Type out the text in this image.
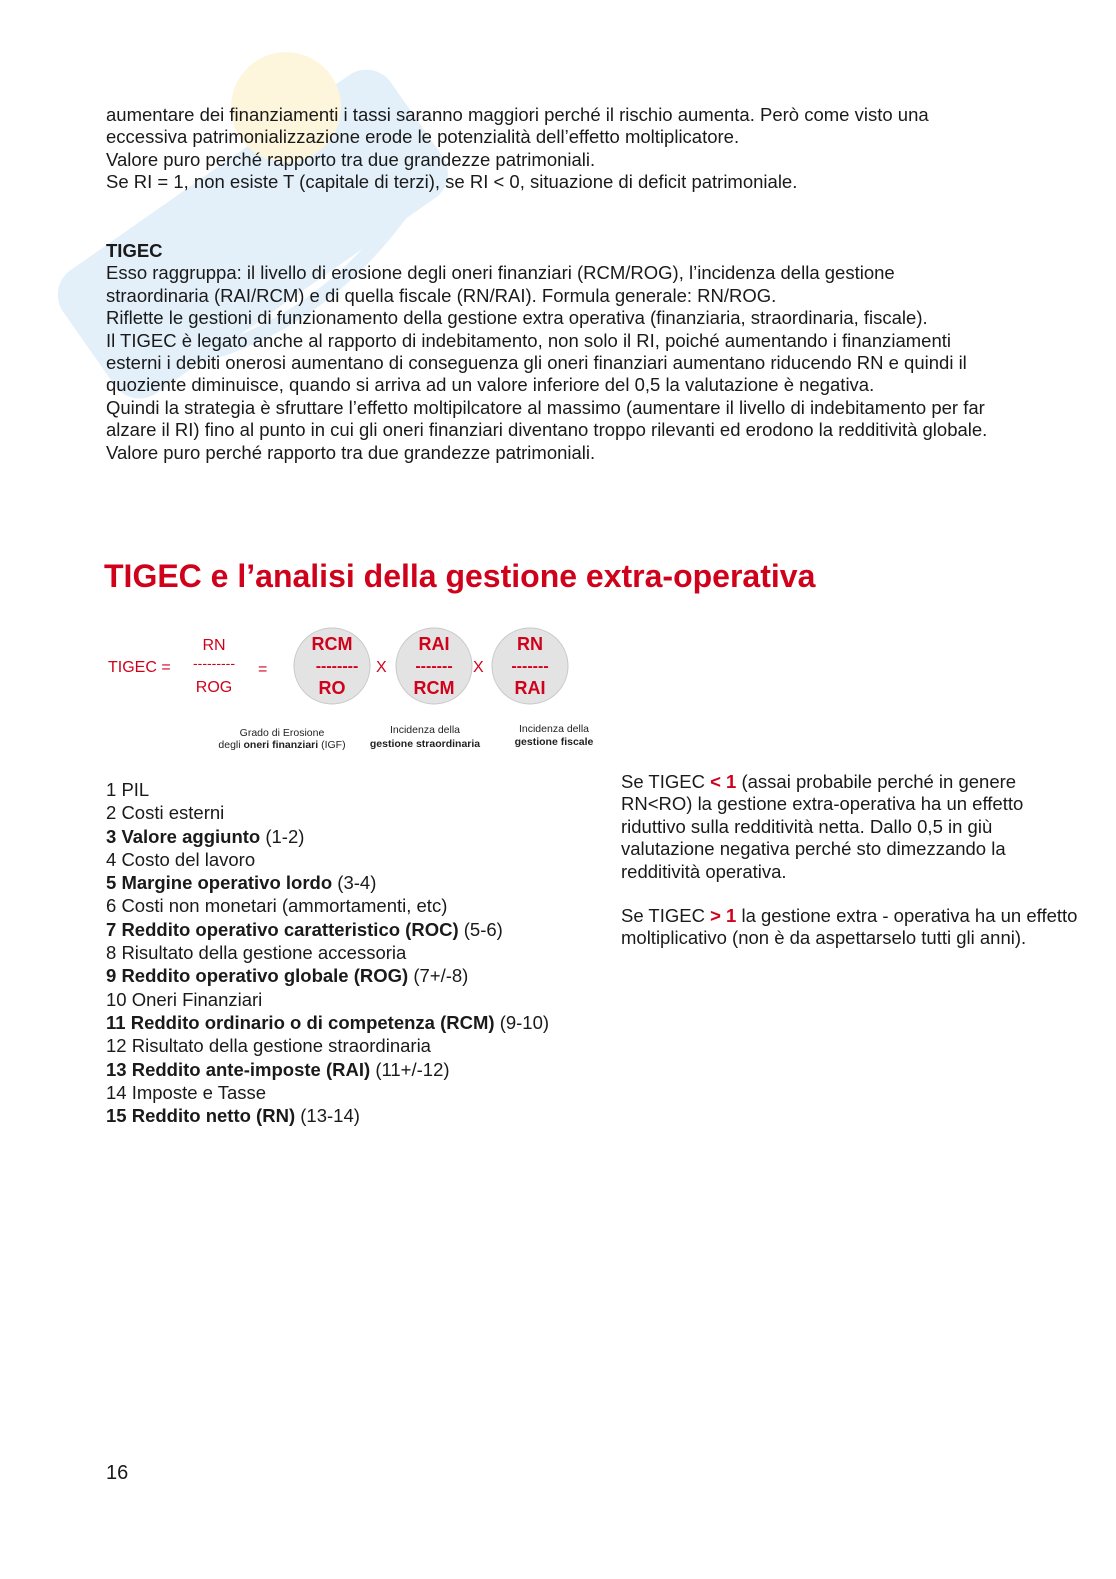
aumentare dei finanziamenti i tassi saranno maggiori perché il rischio aumenta. Però come visto una eccessiva patrimonializzazione erode le potenzialità dell’effetto moltiplicatore.

Valore puro perché rapporto tra due grandezze patrimoniali.

Se RI = 1, non esiste T (capitale di terzi), se RI < 0, situazione di deficit patrimoniale.

TIGEC

Esso raggruppa: il livello di erosione degli oneri finanziari (RCM/ROG), l’incidenza della gestione straordinaria (RAI/RCM) e di quella fiscale (RN/RAI). Formula generale: RN/ROG.

Riflette le gestioni di funzionamento della gestione extra operativa (finanziaria, straordinaria, fiscale).

Il TIGEC è legato anche al rapporto di indebitamento, non solo il RI, poiché aumentando i finanziamenti esterni i debiti onerosi aumentano di conseguenza gli oneri finanziari aumentano riducendo RN e quindi il quoziente diminuisce, quando si arriva ad un valore inferiore del 0,5 la valutazione è negativa.

Quindi la strategia è sfruttare l’effetto moltipilcatore al massimo (aumentare il livello di indebitamento per far alzare il RI) fino al punto in cui gli oneri finanziari diventano troppo rilevanti ed erodono la redditività globale.

Valore puro perché rapporto tra due grandezze patrimoniali.

TIGEC e l’analisi della gestione extra-operativa
TIGEC =
RN
---------
ROG
=
RCM
--------
RO
X
RAI
-------
RCM
X
RN
-------
RAI
Grado di Erosione
degli oneri finanziari (IGF)
Incidenza della
gestione straordinaria
Incidenza della
gestione fiscale
1 PIL
2 Costi esterni
3 Valore aggiunto (1-2)
4 Costo del lavoro
5 Margine operativo lordo (3-4)
6 Costi non monetari (ammortamenti, etc)
7 Reddito operativo caratteristico (ROC) (5-6)
8 Risultato della gestione accessoria
9 Reddito operativo globale (ROG) (7+/-8)
10 Oneri Finanziari
11 Reddito ordinario o di competenza (RCM) (9-10)
12 Risultato della gestione straordinaria
13 Reddito ante-imposte (RAI) (11+/-12)
14 Imposte e Tasse
15 Reddito netto (RN) (13-14)

Se TIGEC < 1 (assai probabile perché in genere RN<RO) la gestione extra-operativa ha un effetto riduttivo sulla redditività netta. Dallo 0,5 in giù valutazione negativa perché sto dimezzando la redditività operativa.

Se TIGEC > 1 la gestione extra - operativa ha un effetto moltiplicativo (non è da aspettarselo tutti gli anni).

16
